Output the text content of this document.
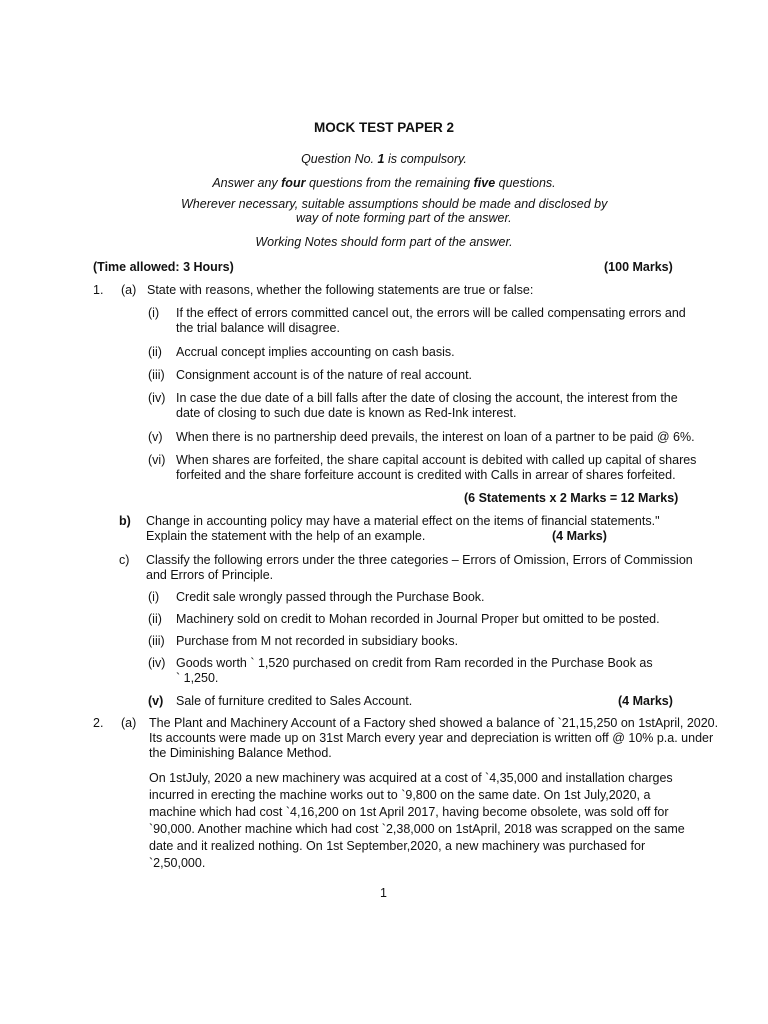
MOCK TEST PAPER 2
Question No. 1 is compulsory.
Answer any four questions from the remaining five questions.
Wherever necessary, suitable assumptions should be made and disclosed by
way of note forming part of the answer.
Working Notes should form part of the answer.
(Time allowed: 3 Hours)	(100 Marks)
1. (a) State with reasons, whether the following statements are true or false:
(i) If the effect of errors committed cancel out, the errors will be called compensating errors and
the trial balance will disagree.
(ii) Accrual concept implies accounting on cash basis.
(iii) Consignment account is of the nature of real account.
(iv) In case the due date of a bill falls after the date of closing the account, the interest from the
date of closing to such due date is known as Red-Ink interest.
(v) When there is no partnership deed prevails, the interest on loan of a partner to be paid @ 6%.
(vi) When shares are forfeited, the share capital account is debited with called up capital of shares
forfeited and the share forfeiture account is credited with Calls in arrear of shares forfeited.
(6 Statements x 2 Marks = 12 Marks)
b) Change in accounting policy may have a material effect on the items of financial statements."
Explain the statement with the help of an example.	(4 Marks)
c) Classify the following errors under the three categories – Errors of Omission, Errors of Commission
and Errors of Principle.
(i) Credit sale wrongly passed through the Purchase Book.
(ii) Machinery sold on credit to Mohan recorded in Journal Proper but omitted to be posted.
(iii) Purchase from M not recorded in subsidiary books.
(iv) Goods worth ` 1,520 purchased on credit from Ram recorded in the Purchase Book as
` 1,250.
(v) Sale of furniture credited to Sales Account.	(4 Marks)
2. (a) The Plant and Machinery Account of a Factory shed showed a balance of `21,15,250 on 1stApril, 2020.
Its accounts were made up on 31st March every year and depreciation is written off @ 10% p.a. under
the Diminishing Balance Method.
On 1stJuly, 2020 a new machinery was acquired at a cost of `4,35,000 and installation charges
incurred in erecting the machine works out to `9,800 on the same date. On 1st July,2020, a
machine which had cost `4,16,200 on 1st April 2017, having become obsolete, was sold off for
`90,000. Another machine which had cost `2,38,000 on 1stApril, 2018 was scrapped on the same
date and it realized nothing. On 1st September,2020, a new machinery was purchased for
`2,50,000.
1
